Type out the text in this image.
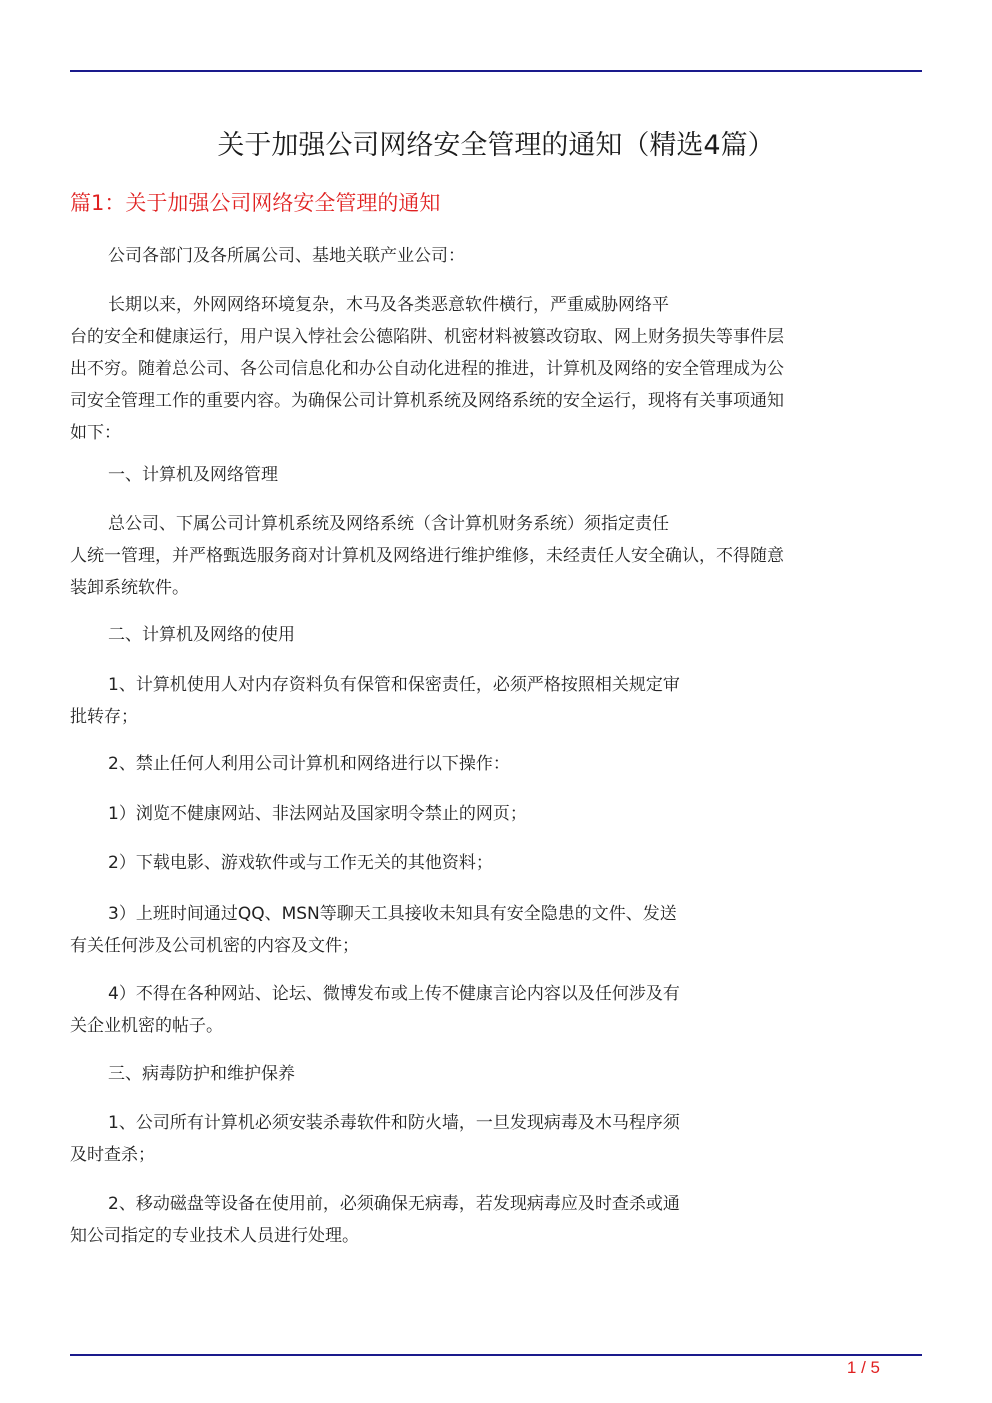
关于加强公司网络安全管理的通知（精选4篇）
篇1：关于加强公司网络安全管理的通知

公司各部门及各所属公司、基地关联产业公司：

长期以来，外网网络环境复杂，木马及各类恶意软件横行，严重威胁网络平

台的安全和健康运行，用户误入悖社会公德陷阱、机密材料被篡改窃取、网上财务损失等事件层

出不穷。随着总公司、各公司信息化和办公自动化进程的推进，计算机及网络的安全管理成为公

司安全管理工作的重要内容。为确保公司计算机系统及网络系统的安全运行，现将有关事项通知

如下：

一、计算机及网络管理

总公司、下属公司计算机系统及网络系统（含计算机财务系统）须指定责任

人统一管理，并严格甄选服务商对计算机及网络进行维护维修，未经责任人安全确认，不得随意

装卸系统软件。

二、计算机及网络的使用

1、计算机使用人对内存资料负有保管和保密责任，必须严格按照相关规定审

批转存；

2、禁止任何人利用公司计算机和网络进行以下操作：

1）浏览不健康网站、非法网站及国家明令禁止的网页；

2）下载电影、游戏软件或与工作无关的其他资料；

3）上班时间通过QQ、MSN等聊天工具接收未知具有安全隐患的文件、发送

有关任何涉及公司机密的内容及文件；

4）不得在各种网站、论坛、微博发布或上传不健康言论内容以及任何涉及有

关企业机密的帖子。

三、病毒防护和维护保养

1、公司所有计算机必须安装杀毒软件和防火墙，一旦发现病毒及木马程序须

及时查杀；

2、移动磁盘等设备在使用前，必须确保无病毒，若发现病毒应及时查杀或通

知公司指定的专业技术人员进行处理。

1 / 5
